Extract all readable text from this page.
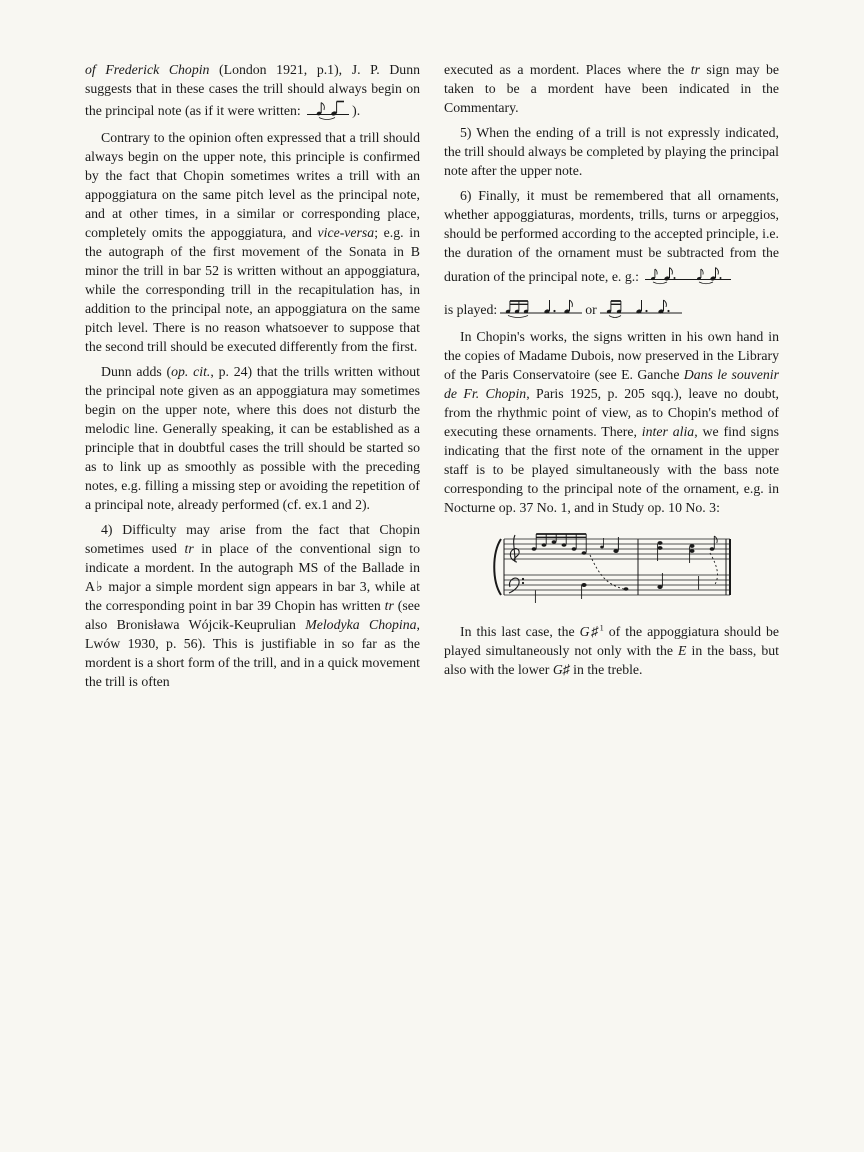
of Frederick Chopin (London 1921, p.1), J. P. Dunn suggests that in these cases the trill should always begin on the principal note (as if it were written:	).

Contrary to the opinion often expressed that a trill should always begin on the upper note, this principle is confirmed by the fact that Chopin sometimes writes a trill with an appoggiatura on the same pitch level as the principal note, and at other times, in a similar or corresponding place, completely omits the appoggiatura, and vice-versa; e.g. in the autograph of the first movement of the Sonata in B minor the trill in bar 52 is written without an appoggiatura, while the corresponding trill in the recapitulation has, in addition to the principal note, an appoggiatura on the same pitch level. There is no reason whatsoever to suppose that the second trill should be executed differently from the first.

Dunn adds (op. cit., p. 24) that the trills written without the principal note given as an appoggiatura may sometimes begin on the upper note, where this does not disturb the melodic line. Generally speaking, it can be established as a principle that in doubtful cases the trill should be started so as to link up as smoothly as possible with the preceding notes, e.g. filling a missing step or avoiding the repetition of a principal note, already performed (cf. ex.1 and 2).

4) Difficulty may arise from the fact that Chopin sometimes used tr in place of the conventional sign to indicate a mordent. In the autograph MS of the Ballade in A♭ major a simple mordent sign appears in bar 3, while at the corresponding point in bar 39 Chopin has written tr (see also Bronisława Wójcik-Keuprulian Melodyka Chopina, Lwów 1930, p. 56). This is justifiable in so far as the mordent is a short form of the trill, and in a quick movement the trill is often

executed as a mordent. Places where the tr sign may be taken to be a mordent have been indicated in the Commentary.

5) When the ending of a trill is not expressly indicated, the trill should always be completed by playing the principal note after the upper note.

6) Finally, it must be remembered that all ornaments, whether appoggiaturas, mordents, trills, turns or arpeggios, should be performed according to the accepted principle, i.e. the duration of the ornament must be subtracted from the duration of the principal note, e. g.:

is played:	or

In Chopin's works, the signs written in his own hand in the copies of Madame Dubois, now preserved in the Library of the Paris Conservatoire (see E. Ganche Dans le souvenir de Fr. Chopin, Paris 1925, p. 205 sqq.), leave no doubt, from the rhythmic point of view, as to Chopin's method of executing these ornaments. There, inter alia, we find signs indicating that the first note of the ornament in the upper staff is to be played simultaneously with the bass note corresponding to the principal note of the ornament, e.g. in Nocturne op. 37 No. 1, and in Study op. 10 No. 3:

In this last case, the G♯$^1$ of the appoggiatura should be played simultaneously not only with the E in the bass, but also with the lower G♯ in the treble.
